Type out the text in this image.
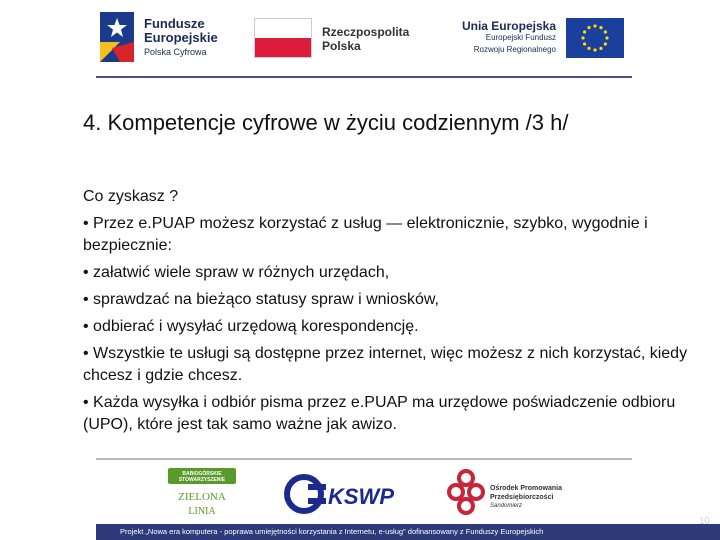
Fundusze
Europejskie
Polska Cyfrowa
Rzeczpospolita
Polska
Unia Europejska
Europejski Fundusz
Rozwoju Regionalnego
4. Kompetencje cyfrowe w życiu codziennym /3 h/

Co zyskasz ?

• Przez e.PUAP możesz korzystać z usług — elektronicznie, szybko, wygodnie i bezpiecznie:

• załatwić wiele spraw w różnych urzędach,

• sprawdzać na bieżąco statusy spraw i wniosków,

• odbierać i wysyłać urzędową korespondencję.

• Wszystkie te usługi są dostępne przez internet, więc możesz z nich korzystać, kiedy chcesz i gdzie chcesz.

• Każda wysyłka i odbiór pisma przez e.PUAP ma urzędowe poświadczenie odbioru (UPO), które jest tak samo ważne jak awizo.

BABIOGÓRSKIE
STOWARZYSZENIE
ZIELONA
LINIA
KSWP	Ośrodek Promowania
Przedsiębiorczości
Sandomierz
Projekt „Nowa era komputera - poprawa umiejętności korzystania z Internetu, e-usług" dofinansowany z Funduszy Europejskich
10
